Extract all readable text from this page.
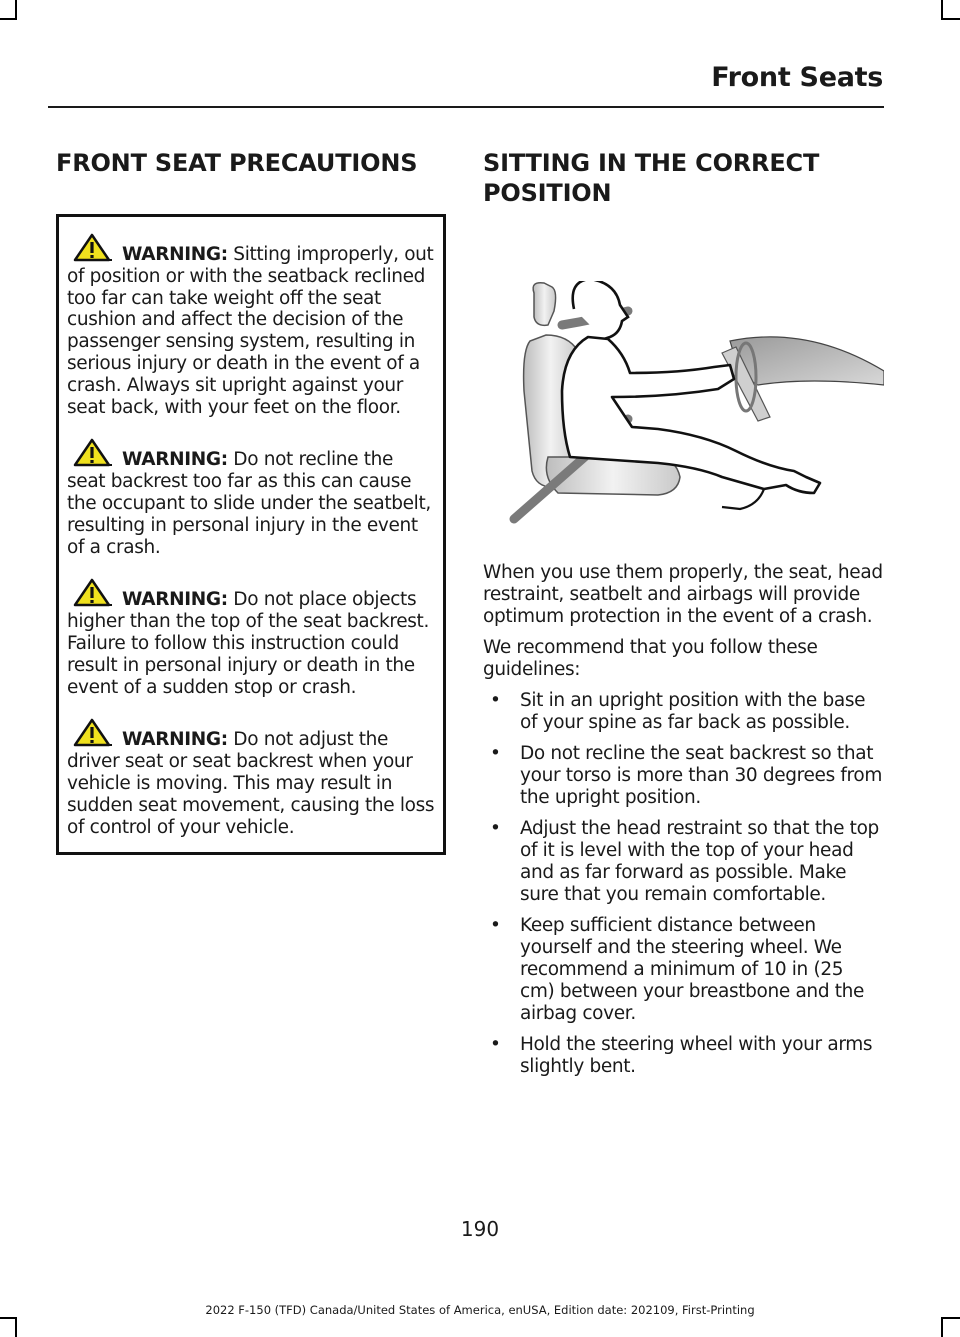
Front Seats
FRONT SEAT PRECAUTIONS

WARNING: Sitting improperly, out of position or with the seatback reclined too far can take weight off the seat cushion and affect the decision of the passenger sensing system, resulting in serious injury or death in the event of a crash. Always sit upright against your seat back, with your feet on the floor.

WARNING: Do not recline the seat backrest too far as this can cause the occupant to slide under the seatbelt, resulting in personal injury in the event of a crash.

WARNING: Do not place objects higher than the top of the seat backrest. Failure to follow this instruction could result in personal injury or death in the event of a sudden stop or crash.

WARNING: Do not adjust the driver seat or seat backrest when your vehicle is moving. This may result in sudden seat movement, causing the loss of control of your vehicle.

SITTING IN THE CORRECT
POSITION

When you use them properly, the seat, head restraint, seatbelt and airbags will provide optimum protection in the event of a crash.

We recommend that you follow these guidelines:

• Sit in an upright position with the base of your spine as far back as possible.
• Do not recline the seat backrest so that your torso is more than 30 degrees from the upright position.
• Adjust the head restraint so that the top of it is level with the top of your head and as far forward as possible. Make sure that you remain comfortable.
• Keep sufficient distance between yourself and the steering wheel. We recommend a minimum of 10 in (25 cm) between your breastbone and the airbag cover.
• Hold the steering wheel with your arms slightly bent.
190
2022 F-150 (TFD) Canada/United States of America, enUSA, Edition date: 202109, First-Printing
